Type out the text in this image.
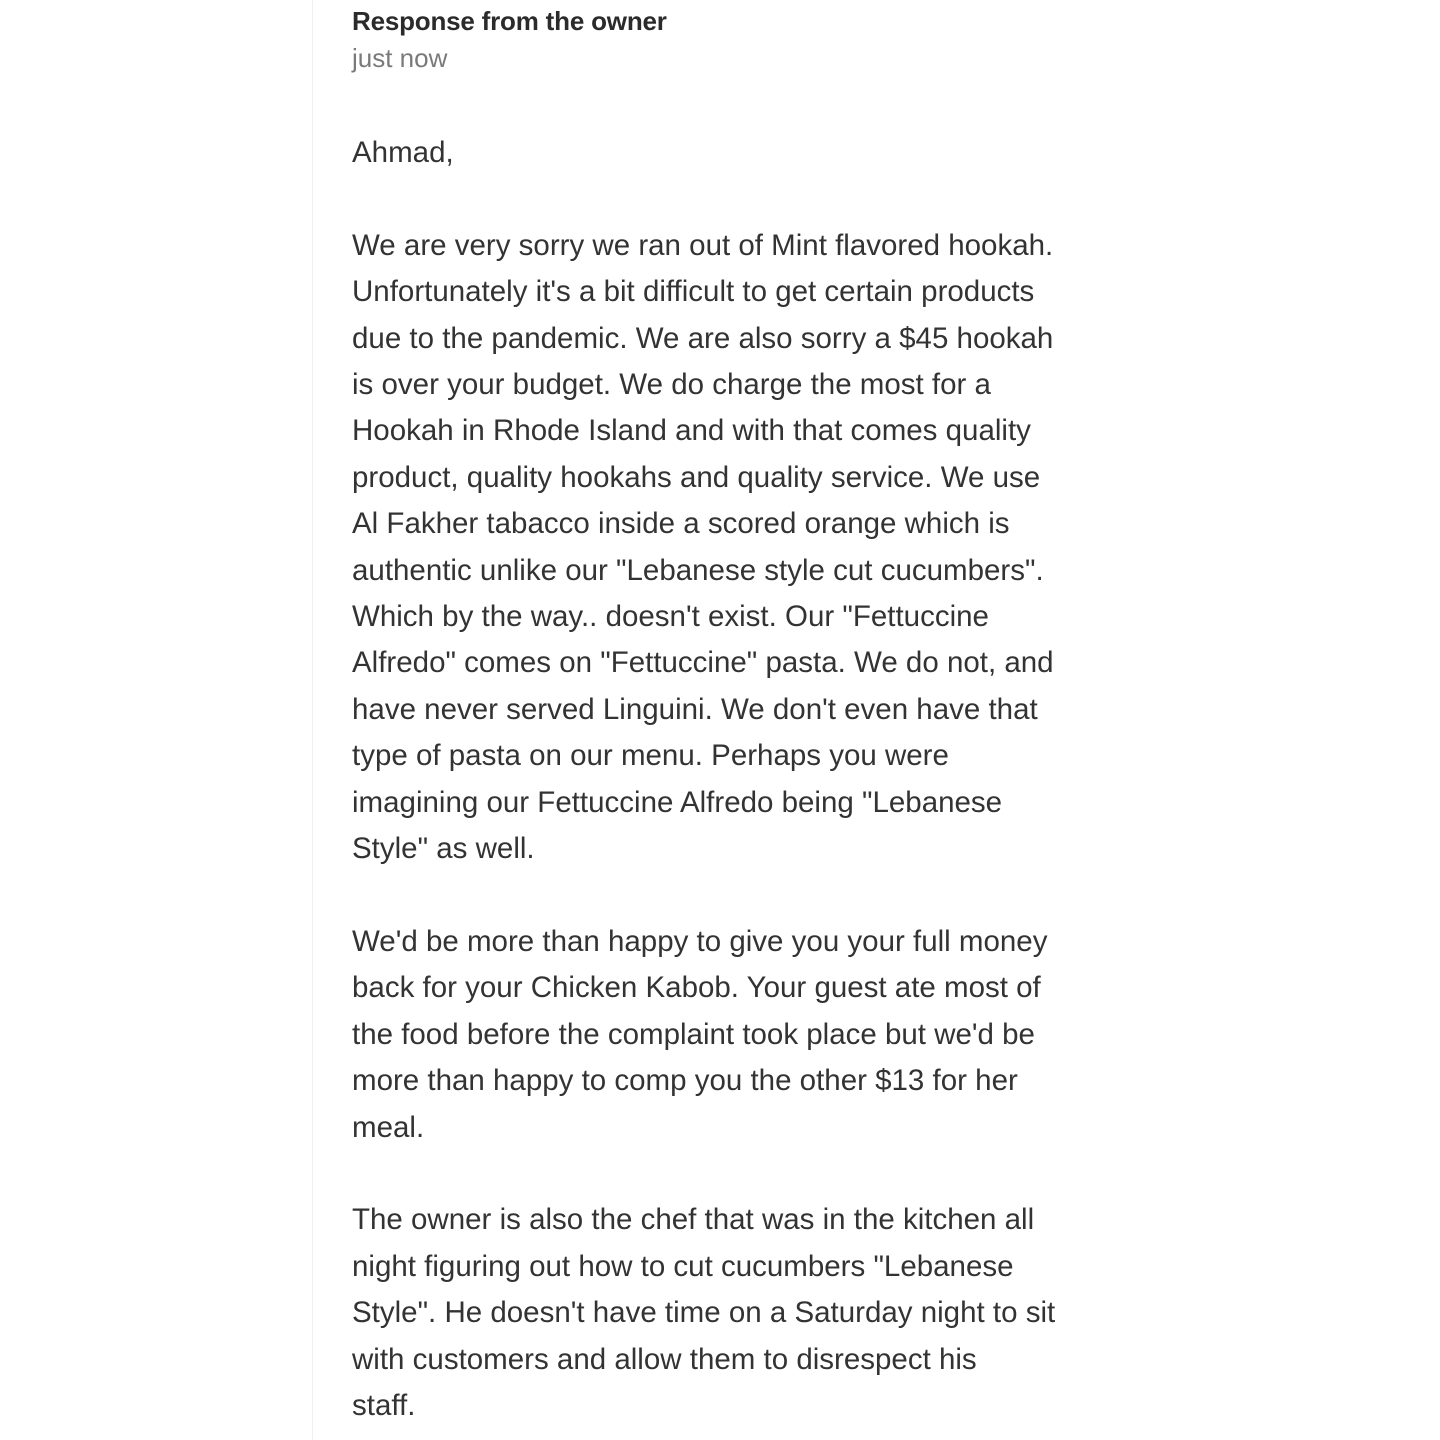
Response from the owner
just now

Ahmad,

We are very sorry we ran out of Mint flavored hookah.

Unfortunately it's a bit difficult to get certain products

due to the pandemic. We are also sorry a $45 hookah

is over your budget. We do charge the most for a

Hookah in Rhode Island and with that comes quality

product, quality hookahs and quality service. We use

Al Fakher tabacco inside a scored orange which is

authentic unlike our "Lebanese style cut cucumbers".

Which by the way.. doesn't exist. Our "Fettuccine

Alfredo" comes on "Fettuccine" pasta. We do not, and

have never served Linguini. We don't even have that

type of pasta on our menu. Perhaps you were

imagining our Fettuccine Alfredo being "Lebanese

Style" as well.

We'd be more than happy to give you your full money

back for your Chicken Kabob. Your guest ate most of

the food before the complaint took place but we'd be

more than happy to comp you the other $13 for her

meal.

The owner is also the chef that was in the kitchen all

night figuring out how to cut cucumbers "Lebanese

Style". He doesn't have time on a Saturday night to sit

with customers and allow them to disrespect his

staff.
